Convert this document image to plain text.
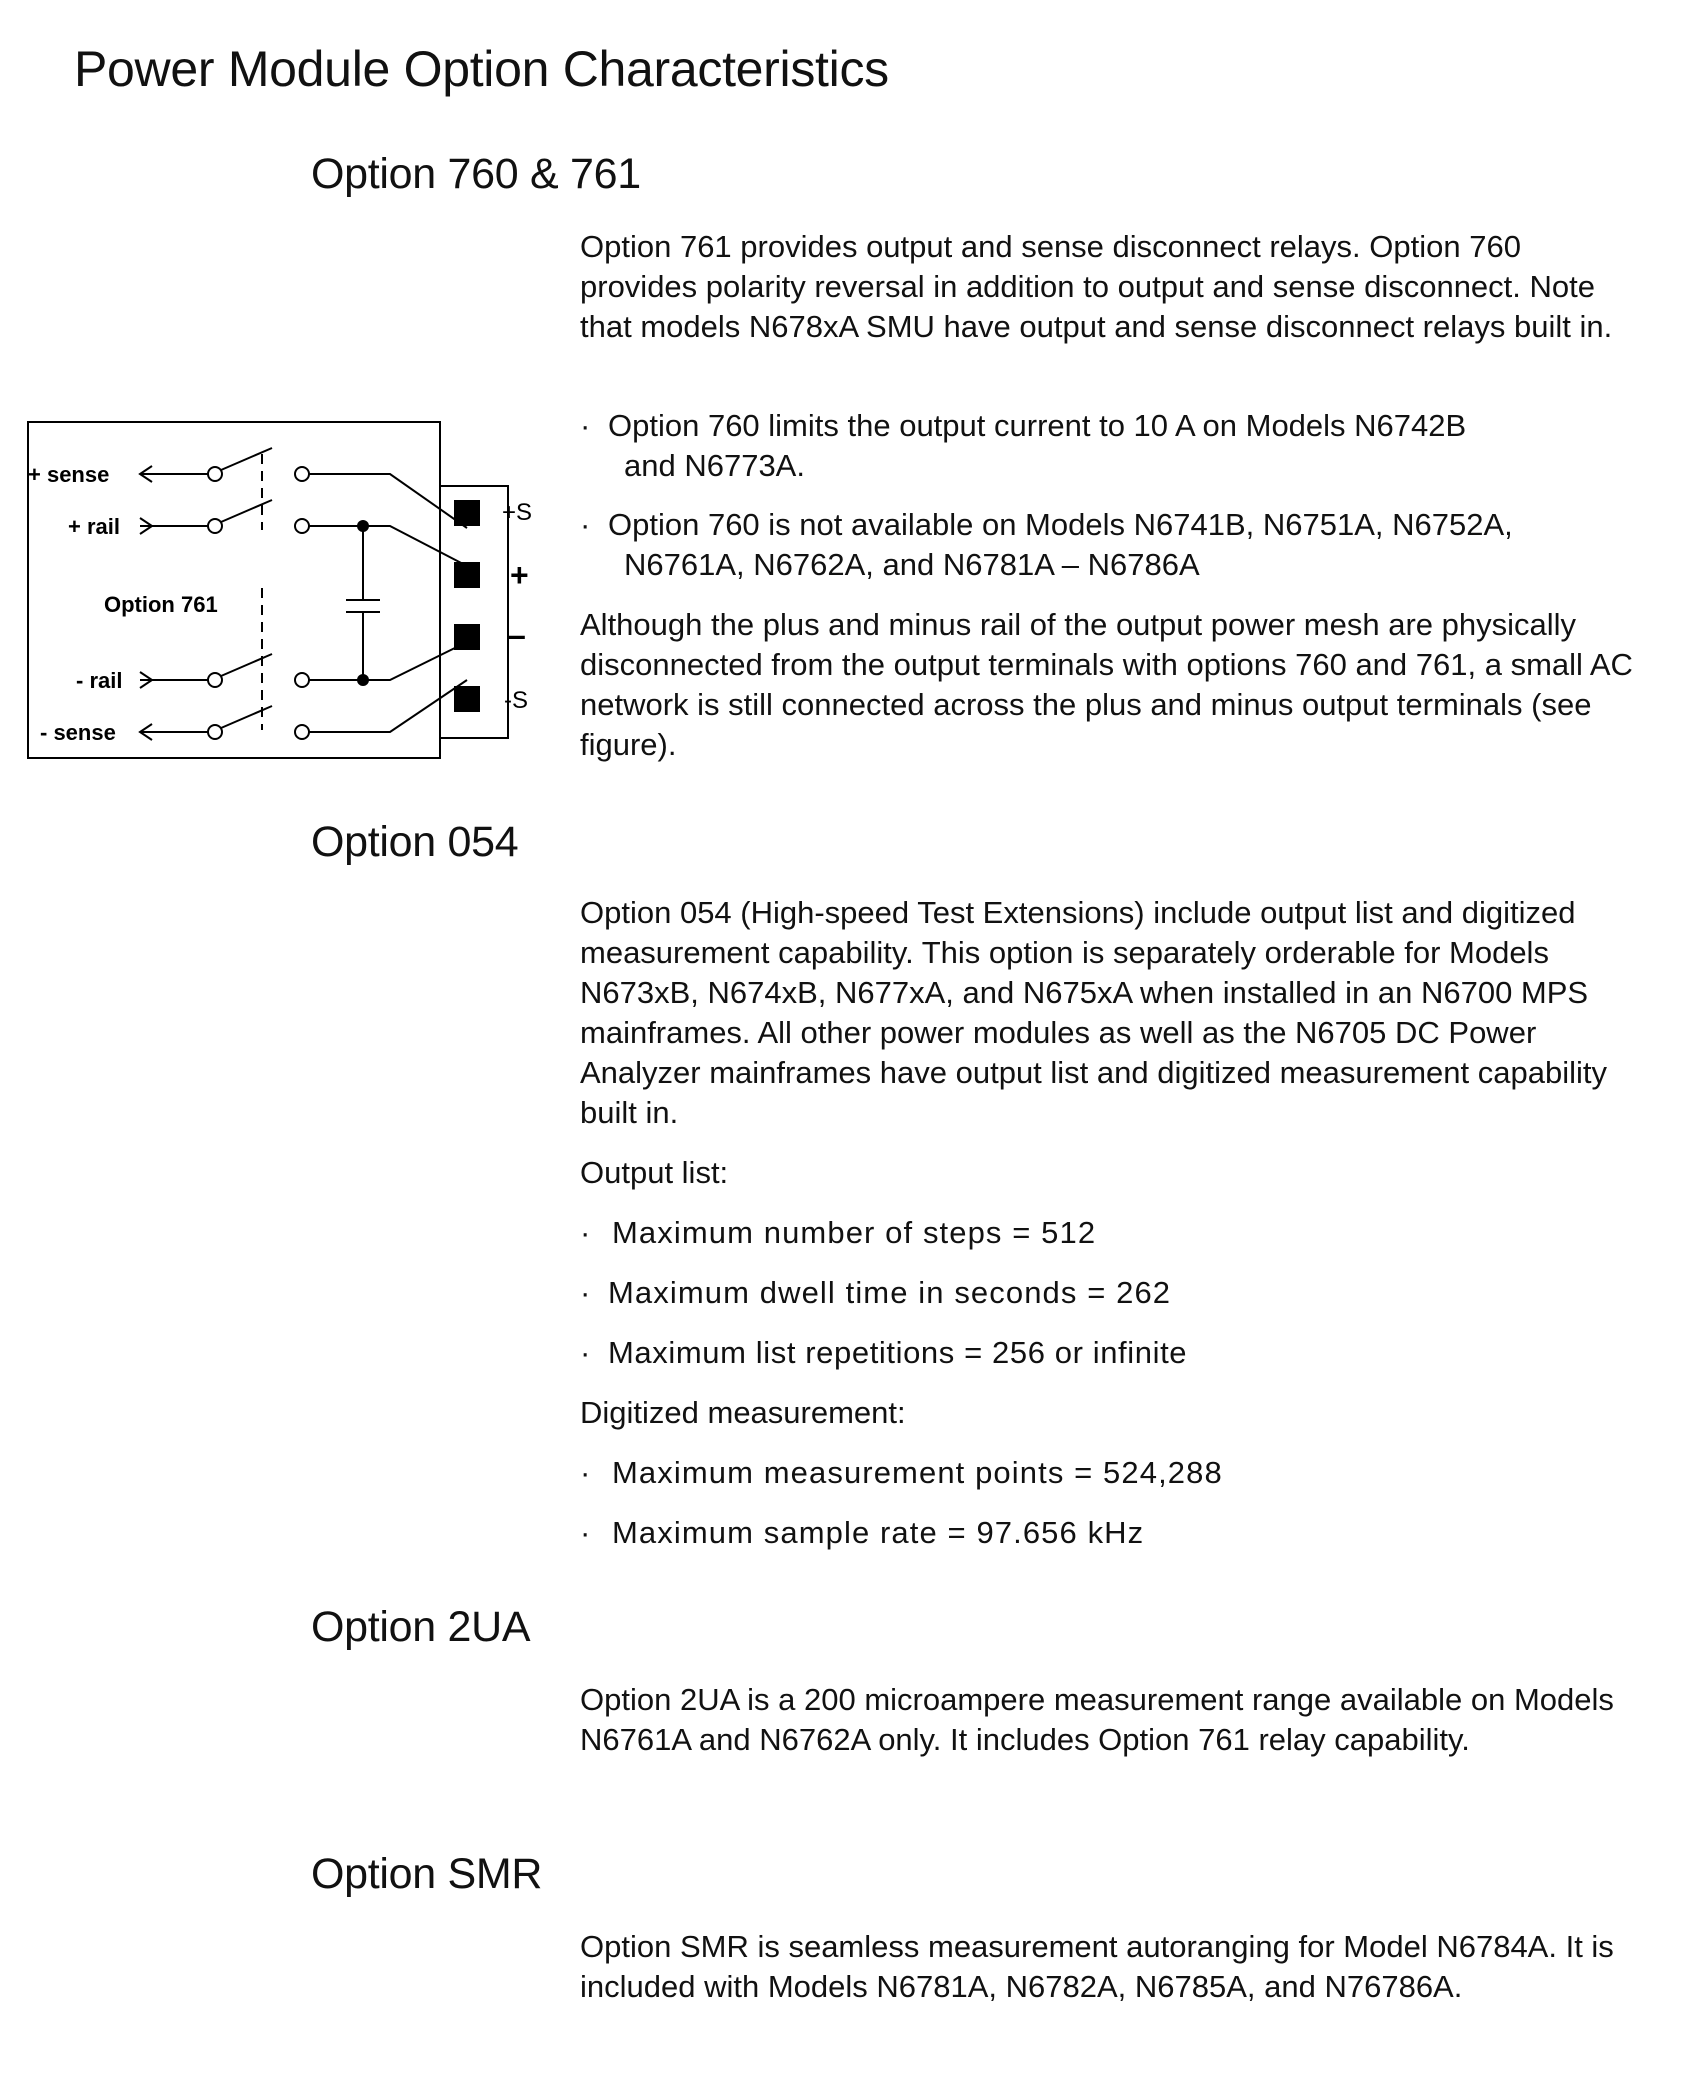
Power Module Option Characteristics
Option 760 & 761

Option 761 provides output and sense disconnect relays. Option 760 provides polarity reversal in addition to output and sense disconnect. Note that models N678xA SMU have output and sense disconnect relays built in.

· Option 760 limits the output current to 10 A on Models N6742B
and N6773A.
· Option 760 is not available on Models N6741B, N6751A, N6752A,
N6761A, N6762A, and N6781A – N6786A

Although the plus and minus rail of the output power mesh are physically disconnected from the output terminals with options 760 and 761, a small AC network is still connected across the plus and minus output terminals (see figure).

+ sense
+ rail
Option 761
- rail
- sense
+S
+
–
-S
Option 054

Option 054 (High-speed Test Extensions) include output list and digitized measurement capability. This option is separately orderable for Models N673xB, N674xB, N677xA, and N675xA when installed in an N6700 MPS mainframes. All other power modules as well as the N6705 DC Power Analyzer mainframes have output list and digitized measurement capability built in.

Output list:

· Maximum number of steps = 512
· Maximum dwell time in seconds = 262
· Maximum list repetitions = 256 or infinite

Digitized measurement:

· Maximum measurement points = 524,288
· Maximum sample rate = 97.656 kHz
Option 2UA

Option 2UA is a 200 microampere measurement range available on Models N6761A and N6762A only. It includes Option 761 relay capability.

Option SMR

Option SMR is seamless measurement autoranging for Model N6784A. It is included with Models N6781A, N6782A, N6785A, and N76786A.
